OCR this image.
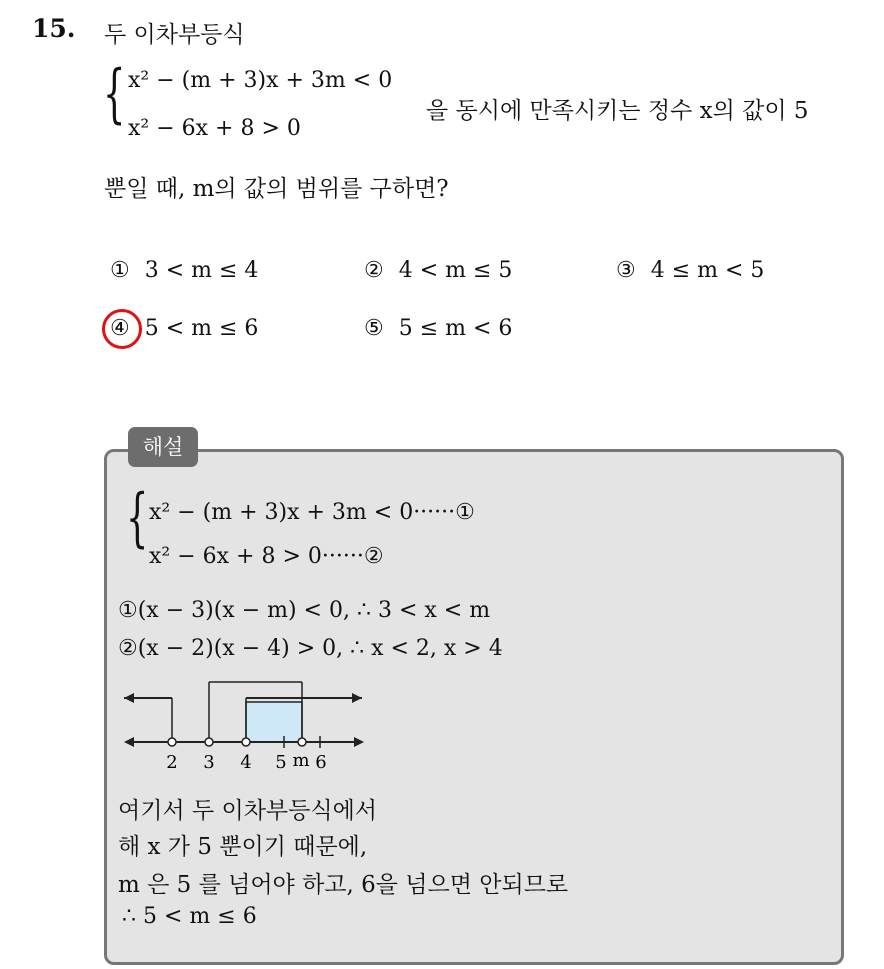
15. 두 이차부등식
{ x² − (m + 3)x + 3m < 0
x² − 6x + 8 > 0
을 동시에 만족시키는 정수 x의 값이 5
뿐일 때, m의 값의 범위를 구하면?
① 3 < m ≤ 4	② 4 < m ≤ 5	③ 4 ≤ m < 5
④ 5 < m ≤ 6	⑤ 5 ≤ m < 6
해설
{ x² − (m + 3)x + 3m < 0······①
x² − 6x + 8 > 0······②
①(x − 3)(x − m) < 0, ∴ 3 < x < m
②(x − 2)(x − 4) > 0, ∴ x < 2, x > 4
2 3 4 5 m 6
여기서 두 이차부등식에서
해 x 가 5 뿐이기 때문에,
m 은 5 를 넘어야 하고, 6을 넘으면 안되므로
∴ 5 < m ≤ 6
